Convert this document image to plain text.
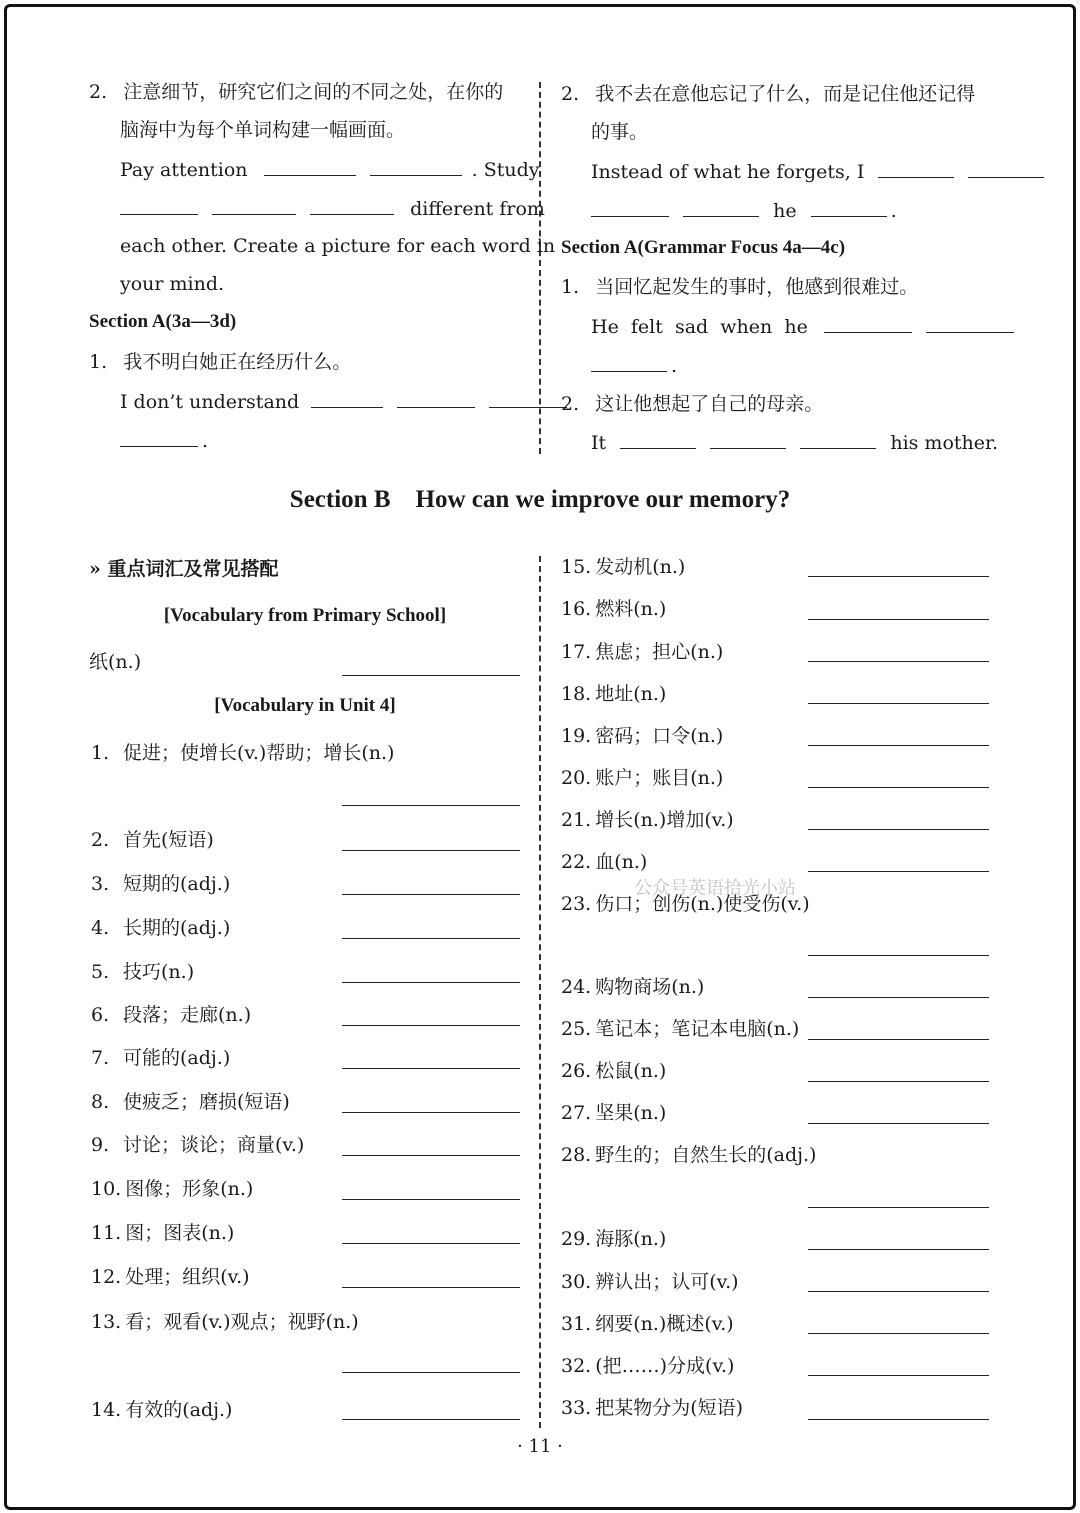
2. 注意细节，研究它们之间的不同之处，在你的
脑海中为每个单词构建一幅画面。
Pay attention	. Study
different from
each other. Create a picture for each word in
your mind.
Section A(3a—3d)
1. 我不明白她正在经历什么。
I don’t understand
.
2. 我不去在意他忘记了什么，而是记住他还记得
的事。
Instead of what he forgets, I
he	.
Section A(Grammar Focus 4a—4c)
1. 当回忆起发生的事时，他感到很难过。
He  felt  sad  when  he
.
2. 这让他想起了自己的母亲。
It	his mother.
Section B    How can we improve our memory?
» 重点词汇及常见搭配
[Vocabulary from Primary School]
纸(n.)
[Vocabulary in Unit 4]
1. 促进；使增长(v.)帮助；增长(n.)
2. 首先(短语)
3. 短期的(adj.)
4. 长期的(adj.)
5. 技巧(n.)
6. 段落；走廊(n.)
7. 可能的(adj.)
8. 使疲乏；磨损(短语)
9. 讨论；谈论；商量(v.)
10. 图像；形象(n.)
11. 图；图表(n.)
12. 处理；组织(v.)
13. 看；观看(v.)观点；视野(n.)
14. 有效的(adj.)
15. 发动机(n.)
16. 燃料(n.)
17. 焦虑；担心(n.)
18. 地址(n.)
19. 密码；口令(n.)
20. 账户；账目(n.)
21. 增长(n.)增加(v.)
22. 血(n.)
23. 伤口；创伤(n.)使受伤(v.)
24. 购物商场(n.)
25. 笔记本；笔记本电脑(n.)
26. 松鼠(n.)
27. 坚果(n.)
28. 野生的；自然生长的(adj.)
29. 海豚(n.)
30. 辨认出；认可(v.)
31. 纲要(n.)概述(v.)
32. (把……)分成(v.)
33. 把某物分为(短语)
公众号英语拾光小站
· 11 ·
